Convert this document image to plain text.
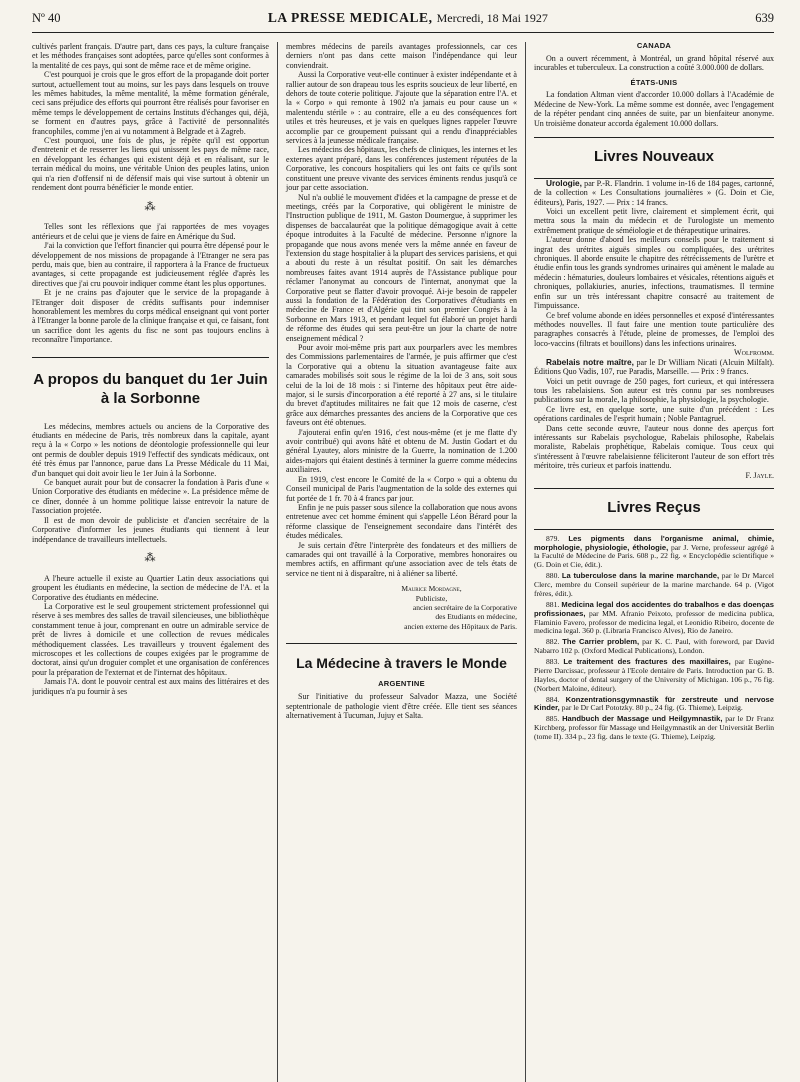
Nº 40	LA PRESSE MEDICALE, Mercredi, 18 Mai 1927	639

cultivés parlent français. D'autre part, dans ces pays, la culture française et les méthodes françaises sont adoptées, parce qu'elles sont conformes à la mentalité de ces pays, qui sont de même race et de même origine.

C'est pourquoi je crois que le gros effort de la propagande doit porter surtout, actuellement tout au moins, sur les pays dans lesquels on trouve les mêmes habitudes, la même mentalité, la même formation générale, ceci sans préjudice des efforts qui pourront être réalisés pour favoriser en même temps le développement de certains Instituts d'échanges qui, déjà, se forment en d'autres pays, grâce à l'activité de personnalités francophiles, comme j'en ai vu notamment à Belgrade et à Zagreb.

C'est pourquoi, une fois de plus, je répète qu'il est opportun d'entretenir et de resserrer les liens qui unissent les pays de même race, en développant les échanges qui existent déjà et en réalisant, sur le terrain médical du moins, une véritable Union des peuples latins, union qui n'a rien d'offensif ni de défensif mais qui vise surtout à obtenir un rendement dont pourra bénéficier le monde entier.

⁂

Telles sont les réflexions que j'ai rapportées de mes voyages antérieurs et de celui que je viens de faire en Amérique du Sud.

J'ai la conviction que l'effort financier qui pourra être dépensé pour le développement de nos missions de propagande à l'Etranger ne sera pas perdu, mais que, bien au contraire, il rapportera à la France de fructueux avantages, si cette propagande est judicieusement réglée d'après les directives que j'ai cru pouvoir indiquer comme étant les plus opportunes.

Et je ne crains pas d'ajouter que le service de la propagande à l'Etranger doit disposer de crédits suffisants pour indemniser honorablement les membres du corps médical enseignant qui vont porter à l'Etranger la bonne parole de la clinique française et qui, ce faisant, font un sacrifice dont les agents du fisc ne sont pas toujours enclins à reconnaître l'importance.

A propos du banquet du 1er Juin
à la Sorbonne

Les médecins, membres actuels ou anciens de la Corporative des étudiants en médecine de Paris, très nombreux dans la capitale, ayant reçu à la « Corpo » les notions de déontologie professionnelle qui leur ont permis de doubler depuis 1919 l'effectif des syndicats médicaux, ont été très émus par l'annonce, parue dans La Presse Médicale du 11 Mai, d'un banquet qui doit avoir lieu le 1er Juin à la Sorbonne.

Ce banquet aurait pour but de consacrer la fondation à Paris d'une « Union Corporative des étudiants en médecine ». La présidence même de ce dîner, donnée à un homme politique laisse entrevoir la nature de l'association projetée.

Il est de mon devoir de publiciste et d'ancien secrétaire de la Corporative d'informer les jeunes étudiants qui tiennent à leur indépendance de travailleurs intellectuels.

⁂

A l'heure actuelle il existe au Quartier Latin deux associations qui groupent les étudiants en médecine, la section de médecine de l'A. et la Corporative des étudiants en médecine.

La Corporative est le seul groupement strictement professionnel qui réserve à ses membres des salles de travail silencieuses, une bibliothèque constamment tenue à jour, comprenant en outre un admirable service de prêt de livres à domicile et une collection de revues médicales méthodiquement classées. Les travailleurs y trouvent également des microscopes et les collections de coupes exigées par le programme de doctorat, ainsi qu'un droguier complet et une organisation de conférences pour la préparation de l'externat et de l'internat des hôpitaux.

Jamais l'A. dont le pouvoir central est aux mains des littéraires et des juridiques n'a pu fournir à ses

membres médecins de pareils avantages professionnels, car ces derniers n'ont pas dans cette maison l'indépendance qui leur conviendrait.

Aussi la Corporative veut-elle continuer à exister indépendante et à rallier autour de son drapeau tous les esprits soucieux de leur liberté, en dehors de toute coterie politique. J'ajoute que la séparation entre l'A. et la « Corpo » qui remonte à 1902 n'a jamais eu pour cause un « malentendu stérile » : au contraire, elle a eu des conséquences fort utiles et très heureuses, et je vais en quelques lignes rappeler l'œuvre accomplie par ce groupement puissant qui a rendu d'inappréciables services à la jeunesse médicale française.

Les médecins des hôpitaux, les chefs de cliniques, les internes et les externes ayant préparé, dans les conférences justement réputées de la Corporative, les concours hospitaliers qui les ont faits ce qu'ils sont constituent une preuve vivante des services éminents rendus jusqu'à ce jour par cette association.

Nul n'a oublié le mouvement d'idées et la campagne de presse et de meetings, créés par la Corporative, qui obligèrent le ministre de l'Instruction publique de 1911, M. Gaston Doumergue, à supprimer les dispenses de baccalauréat que la politique démagogique avait à cette époque introduites à la Faculté de médecine. Personne n'ignore la propagande que nous avons menée vers la même année en faveur de l'extension du stage hospitalier à la plupart des services parisiens, et qui a abouti du reste à un résultat positif. On sait les démarches nombreuses faites avant 1914 auprès de l'Assistance publique pour réclamer l'anonymat au concours de l'internat, anonymat que la Corporative peut se flatter d'avoir provoqué. Ai-je besoin de rappeler aussi la fondation de la Fédération des Corporatives d'étudiants en médecine de France et d'Algérie qui tint son premier Congrès à la Sorbonne en Mars 1913, et pendant lequel fut élaboré un projet hardi de réforme des études qui sera peut-être un jour la charte de notre enseignement médical ?

Pour avoir moi-même pris part aux pourparlers avec les membres des Commissions parlementaires de l'armée, je puis affirmer que c'est la Corporative qui a obtenu la situation avantageuse faite aux camarades mobilisés soit sous le régime de la loi de 3 ans, soit sous celui de la loi de 18 mois : si l'interne des hôpitaux peut être aide-major, si le sursis d'incorporation a été reporté à 27 ans, si le titulaire du brevet d'aptitudes militaires ne fait que 12 mois de caserne, c'est grâce aux démarches pressantes des anciens de la Corporative que ces faveurs ont été obtenues.

J'ajouterai enfin qu'en 1916, c'est nous-même (et je me flatte d'y avoir contribué) qui avons hâté et obtenu de M. Justin Godart et du général Lyautey, alors ministre de la Guerre, la nomination de 1.200 aides-majors qui étaient destinés à terminer la guerre comme médecins auxiliaires.

En 1919, c'est encore le Comité de la « Corpo » qui a obtenu du Conseil municipal de Paris l'augmentation de la solde des externes qui fut portée de 1 fr. 70 à 4 francs par jour.

Enfin je ne puis passer sous silence la collaboration que nous avons entretenue avec cet homme éminent qui s'appelle Léon Bérard pour la réforme classique de l'enseignement secondaire dans l'intérêt des études médicales.

Je suis certain d'être l'interprète des fondateurs et des milliers de camarades qui ont travaillé à la Corporative, membres honoraires ou membres actifs, en affirmant qu'une association avec de tels états de service ne tient ni à disparaître, ni à aliéner sa liberté.

Maurice Mordagne,
Publiciste,
ancien secrétaire de la Corporative
des Etudiants en médecine,
ancien externe des Hôpitaux de Paris.
La Médecine à travers le Monde
ARGENTINE

Sur l'initiative du professeur Salvador Mazza, une Société septentrionale de pathologie vient d'être créée. Elle tient ses séances alternativement à Tucuman, Jujuy et Salta.

CANADA

On a ouvert récemment, à Montréal, un grand hôpital réservé aux incurables et tuberculeux. La construction a coûté 3.000.000 de dollars.

ÉTATS-UNIS

La fondation Altman vient d'accorder 10.000 dollars à l'Académie de Médecine de New-York. La même somme est donnée, avec l'engagement de la répéter pendant cinq années de suite, par un bienfaiteur anonyme. Un troisième donateur accorda également 10.000 dollars.

Livres Nouveaux

Urologie, par P.-R. Flandrin. 1 volume in-16 de 184 pages, cartonné, de la collection « Les Consultations journalières » (G. Doin et Cie, éditeurs), Paris, 1927. — Prix : 14 francs.

Voici un excellent petit livre, clairement et simplement écrit, qui mettra sous la main du médecin et de l'urologiste un memento extrêmement pratique de séméiologie et de thérapeutique urinaires.

L'auteur donne d'abord les meilleurs conseils pour le traitement si ingrat des urétrites aiguës simples ou compliquées, des urétrites chroniques. Il aborde ensuite le chapitre des rétrécissements de l'urètre et étudie enfin tous les grands syndromes urinaires qui amènent le malade au médecin : hématuries, douleurs lombaires et vésicales, rétentions aiguës et chroniques, pollakiuries, anuries, infections, traumatismes. Il termine enfin sur un très intéressant chapitre consacré au traitement de l'impuissance.

Ce bref volume abonde en idées personnelles et exposé d'intéressantes méthodes nouvelles. Il faut faire une mention toute particulière des paragraphes consacrés à l'étude, pleine de promesses, de l'emploi des loco-vaccins (filtrats et bouillons) dans les infections urinaires.

Wolfromm.

Rabelais notre maître, par le Dr William Nicati (Alcuin Milfalt). Éditions Quo Vadis, 107, rue Paradis, Marseille. — Prix : 9 francs.

Voici un petit ouvrage de 250 pages, fort curieux, et qui intéressera tous les rabelaisiens. Son auteur est très connu par ses nombreuses publications sur la morale, la philosophie, la physiologie, la psychologie.

Ce livre est, en quelque sorte, une suite d'un précédent : Les opérations cardinales de l'esprit humain ; Noble Pantagruel.

Dans cette seconde œuvre, l'auteur nous donne des aperçus fort intéressants sur Rabelais psychologue, Rabelais philosophe, Rabelais moraliste, Rabelais prophétique, Rabelais comique. Tous ceux qui s'intéressent à l'œuvre rabelaisienne féliciteront l'auteur de son effort très méritoire, très curieux et parfois inattendu.

F. Jayle.
Livres Reçus

879. Les pigments dans l'organisme animal, chimie, morphologie, physiologie, éthologie, par J. Verne, professeur agrégé à la Faculté de Médecine de Paris. 608 p., 22 fig. « Encyclopédie scientifique » (G. Doin et Cie, édit.).

880. La tuberculose dans la marine marchande, par le Dr Marcel Clerc, membre du Conseil supérieur de la marine marchande. 64 p. (Vigot frères, édit.).

881. Medicina legal dos accidentes do trabalhos e das doenças profissionaes, par MM. Afranio Peixoto, professor de medicina publica, Flaminio Favero, professor de medicina legal, et Leonidio Ribeiro, docente de medicina legal. 360 p. (Libraria Francisco Alves), Rio de Janeiro.

882. The Carrier problem, par K. C. Paul, with foreword, par David Nabarro 102 p. (Oxford Medical Publications), London.

883. Le traitement des fractures des maxillaires, par Eugène-Pierre Darcissac, professeur à l'Ecole dentaire de Paris. Introduction par G. B. Hayles, doctor of dental surgery of the University of Michigan. 106 p., 76 fig. (Norbert Maloine, éditeur).

884. Konzentrationsgymnastik für zerstreute und nervose Kinder, par le Dr Carl Pototzky. 80 p., 24 fig. (G. Thieme), Leipzig.

885. Handbuch der Massage und Heilgymnastik, par le Dr Franz Kirchberg, professor für Massage und Heilgymnastik an der Universität Berlin (tome II). 334 p., 23 fig. dans le texte (G. Thieme), Leipzig.
